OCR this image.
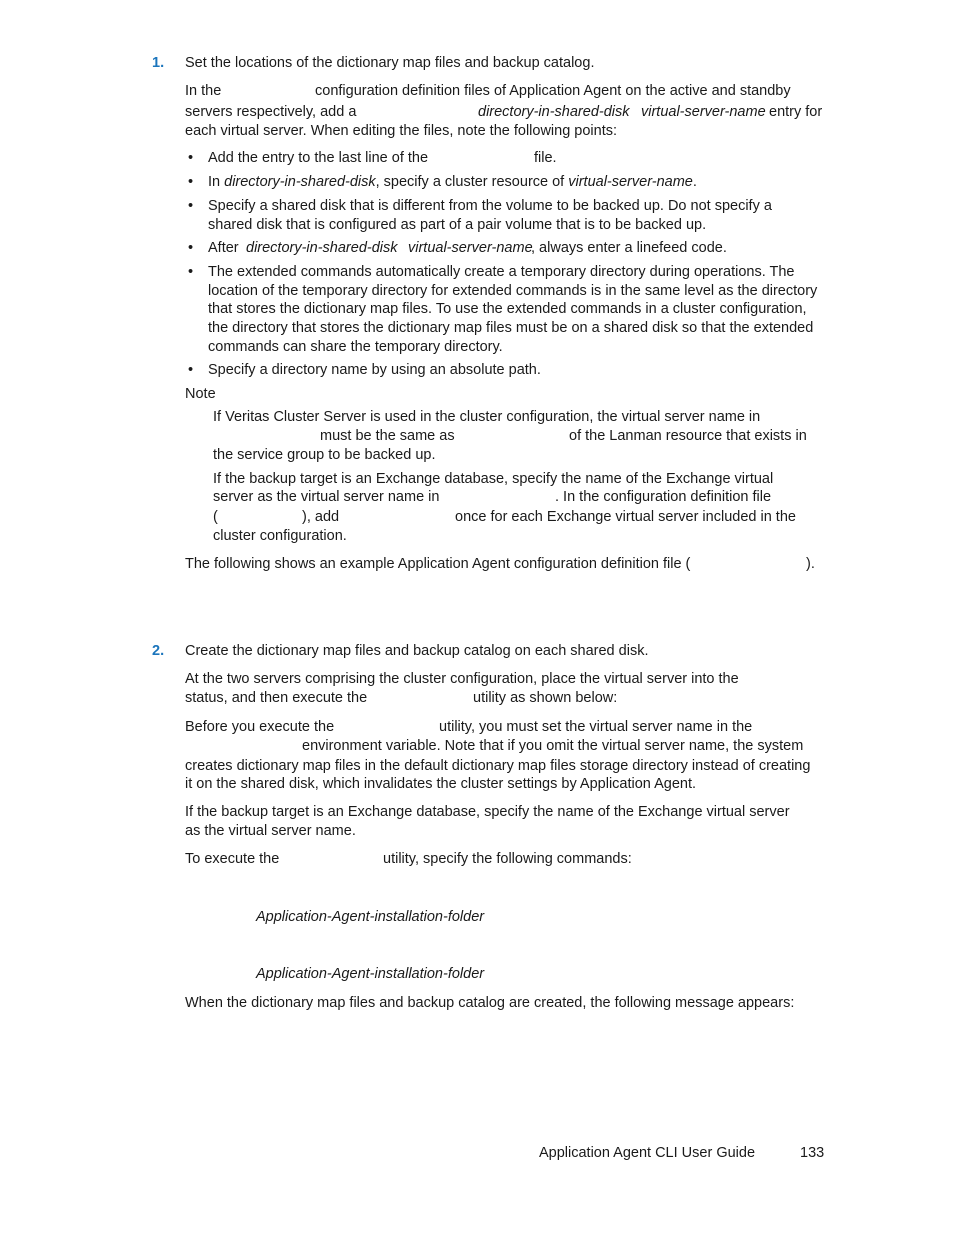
1. Set the locations of the dictionary map files and backup catalog.
In the	configuration definition files of Application Agent on the active and standby
servers respectively, add a	directory-in-shared-disk virtual-server-name entry for
each virtual server. When editing the files, note the following points:
• Add the entry to the last line of the	file.
• In directory-in-shared-disk, specify a cluster resource of virtual-server-name.
• Specify a shared disk that is different from the volume to be backed up. Do not specify a
shared disk that is configured as part of a pair volume that is to be backed up.
• After directory-in-shared-disk virtual-server-name
, always enter a linefeed code.
• The extended commands automatically create a temporary directory during operations. The
location of the temporary directory for extended commands is in the same level as the directory
that stores the dictionary map files. To use the extended commands in a cluster configuration,
the directory that stores the dictionary map files must be on a shared disk so that the extended
commands can share the temporary directory.
• Specify a directory name by using an absolute path.
Note
If Veritas Cluster Server is used in the cluster configuration, the virtual server name in
must be the same as	of the Lanman resource that exists in
the service group to be backed up.
If the backup target is an Exchange database, specify the name of the Exchange virtual
server as the virtual server name in	. In the configuration definition file
(	), add	once for each Exchange virtual server included in the
cluster configuration.
The following shows an example Application Agent configuration definition file (	).
2. Create the dictionary map files and backup catalog on each shared disk.
At the two servers comprising the cluster configuration, place the virtual server into the
status, and then execute the	utility as shown below:
Before you execute the	utility, you must set the virtual server name in the
environment variable. Note that if you omit the virtual server name, the system
creates dictionary map files in the default dictionary map files storage directory instead of creating
it on the shared disk, which invalidates the cluster settings by Application Agent.
If the backup target is an Exchange database, specify the name of the Exchange virtual server
as the virtual server name.
To execute the	utility, specify the following commands:
Application-Agent-installation-folder
Application-Agent-installation-folder
When the dictionary map files and backup catalog are created, the following message appears:
Application Agent CLI User Guide	133
